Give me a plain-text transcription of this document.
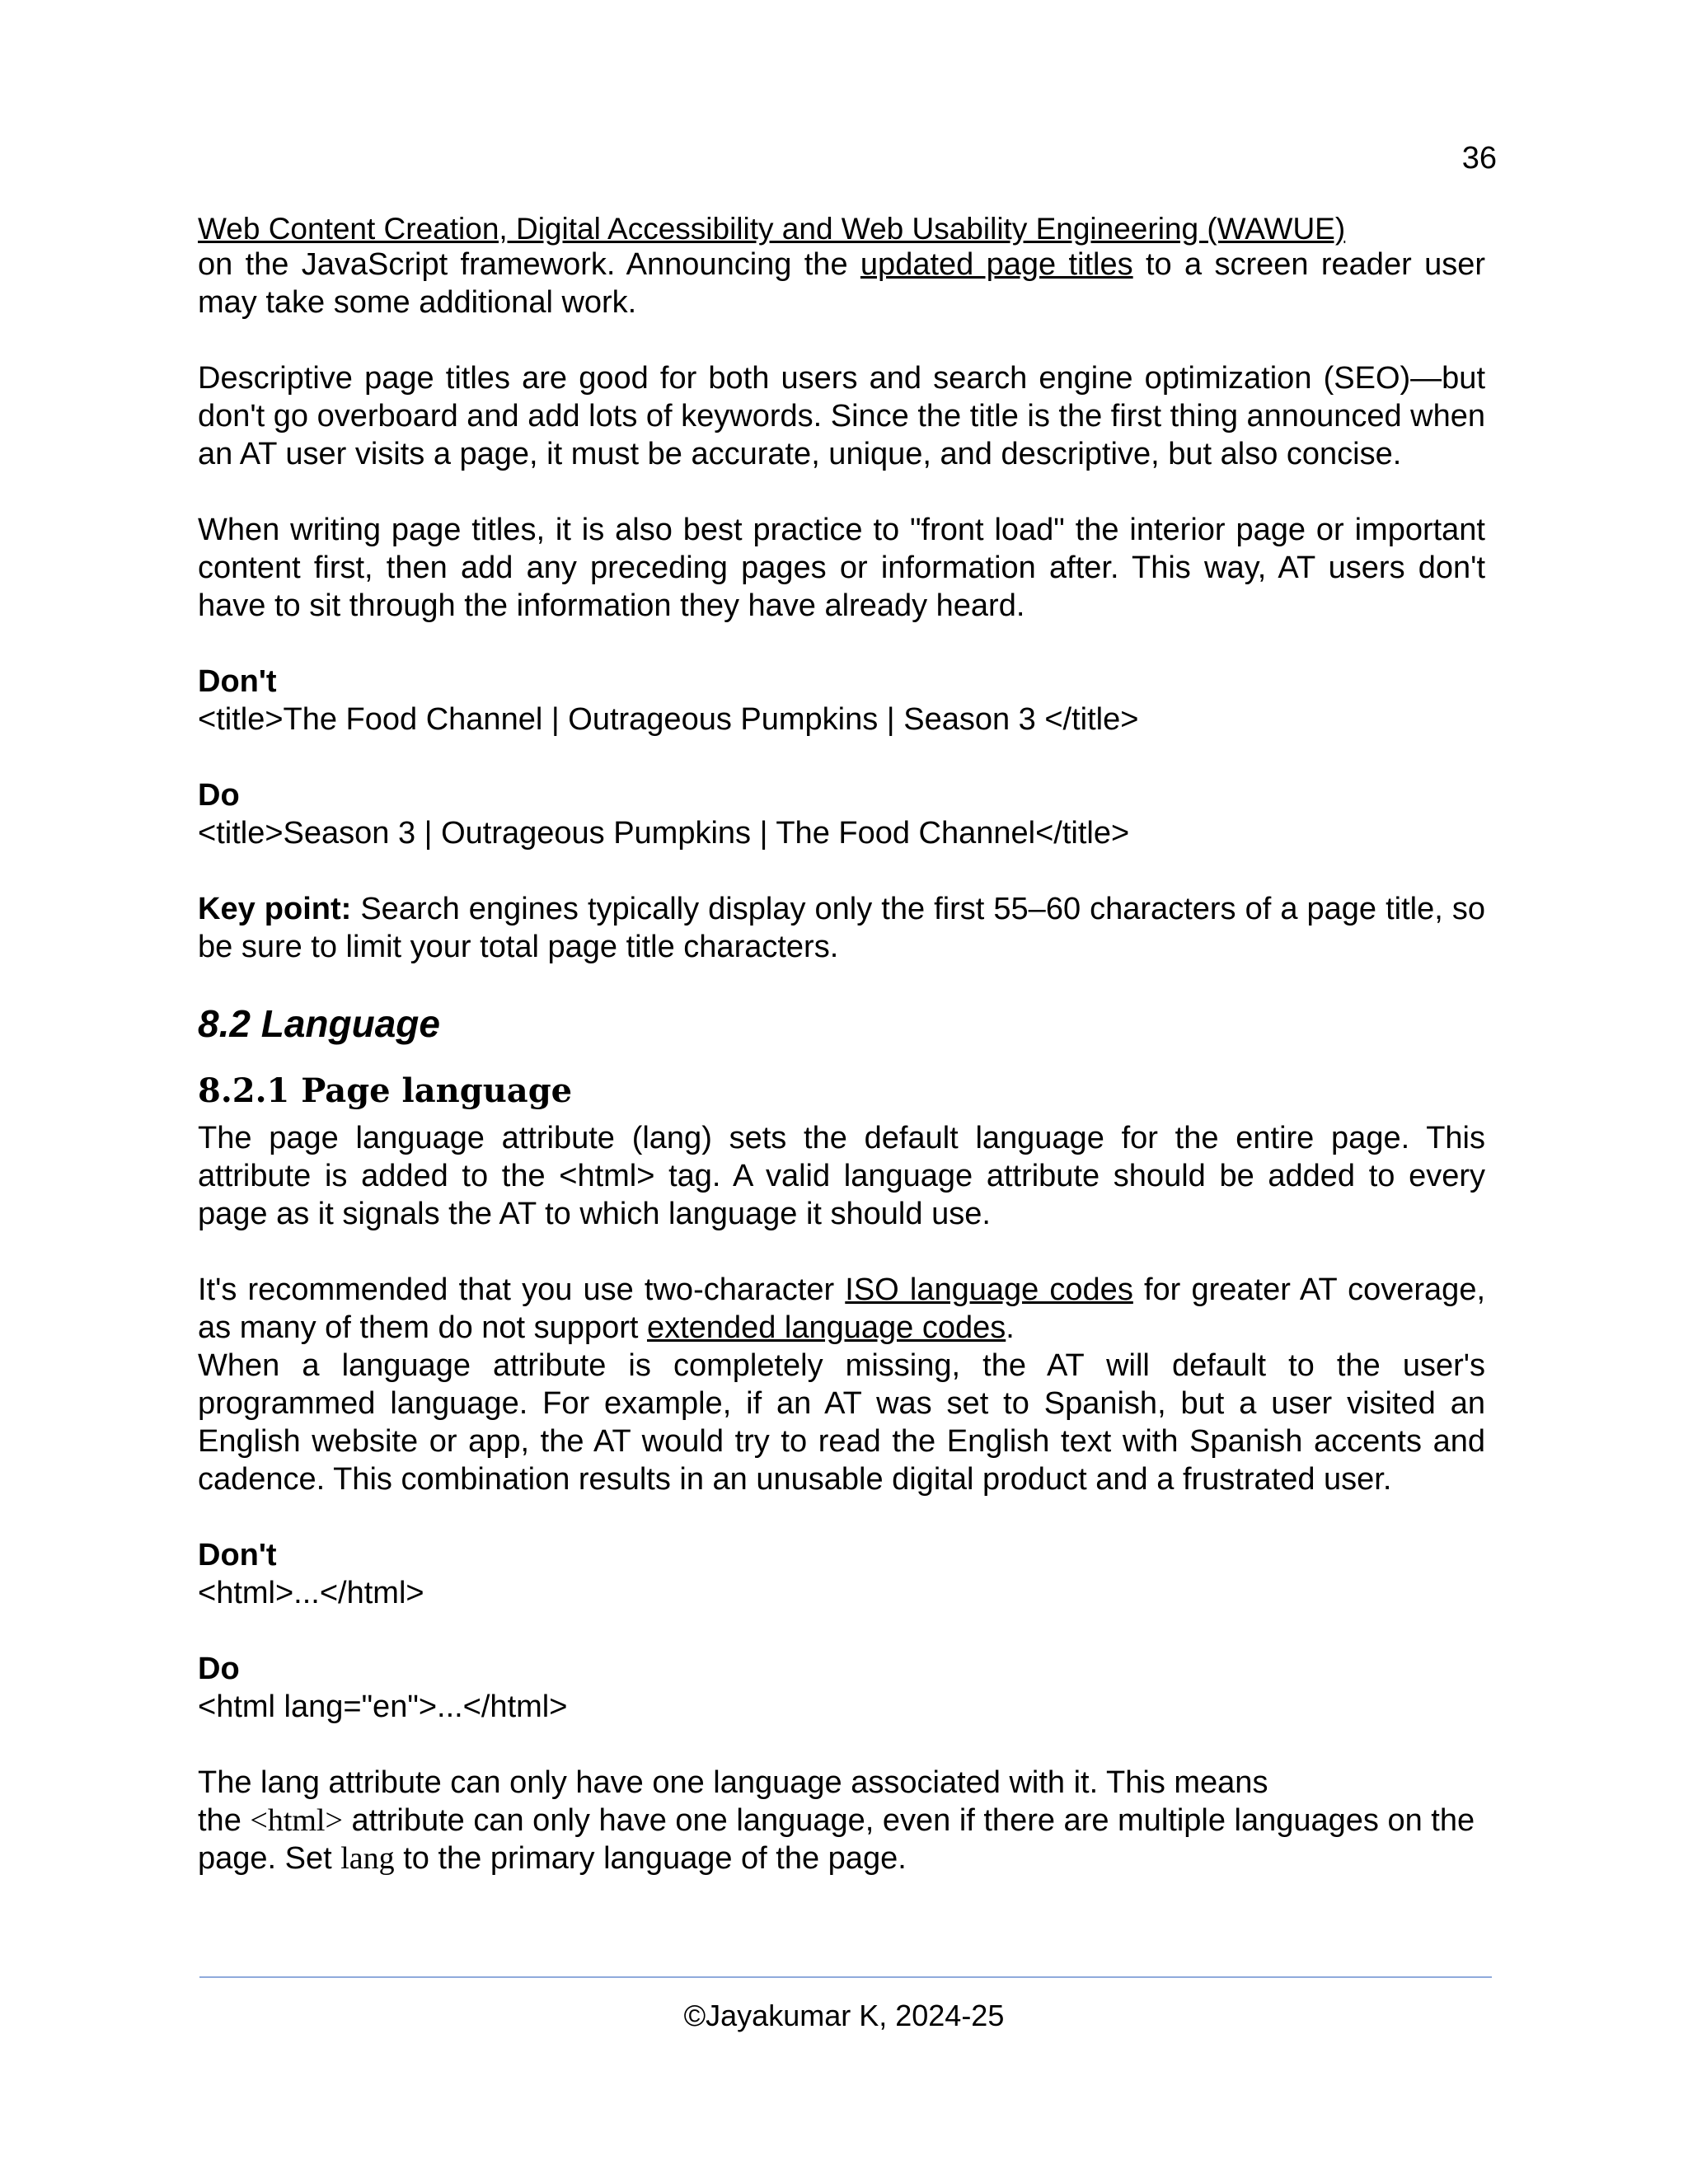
36
Web Content Creation, Digital Accessibility and Web Usability Engineering (WAWUE)

on the JavaScript framework. Announcing the updated page titles to a screen reader user may take some additional work.

Descriptive page titles are good for both users and search engine optimization (SEO)—but don't go overboard and add lots of keywords. Since the title is the first thing announced when an AT user visits a page, it must be accurate, unique, and descriptive, but also concise.

When writing page titles, it is also best practice to "front load" the interior page or important content first, then add any preceding pages or information after. This way, AT users don't have to sit through the information they have already heard.

Don't
<title>The Food Channel | Outrageous Pumpkins | Season 3 </title>
Do
<title>Season 3 | Outrageous Pumpkins | The Food Channel</title>

Key point: Search engines typically display only the first 55–60 characters of a page title, so be sure to limit your total page title characters.

8.2 Language
8.2.1 Page language

The page language attribute (lang) sets the default language for the entire page. This attribute is added to the <html> tag. A valid language attribute should be added to every page as it signals the AT to which language it should use.

It's recommended that you use two-character ISO language codes for greater AT coverage, as many of them do not support extended language codes.

When a language attribute is completely missing, the AT will default to the user's programmed language. For example, if an AT was set to Spanish, but a user visited an English website or app, the AT would try to read the English text with Spanish accents and cadence. This combination results in an unusable digital product and a frustrated user.

Don't
<html>...</html>
Do
<html lang="en">...</html>
The lang attribute can only have one language associated with it. This means
the <html> attribute can only have one language, even if there are multiple languages on the page. Set lang to the primary language of the page.
©Jayakumar K, 2024-25
